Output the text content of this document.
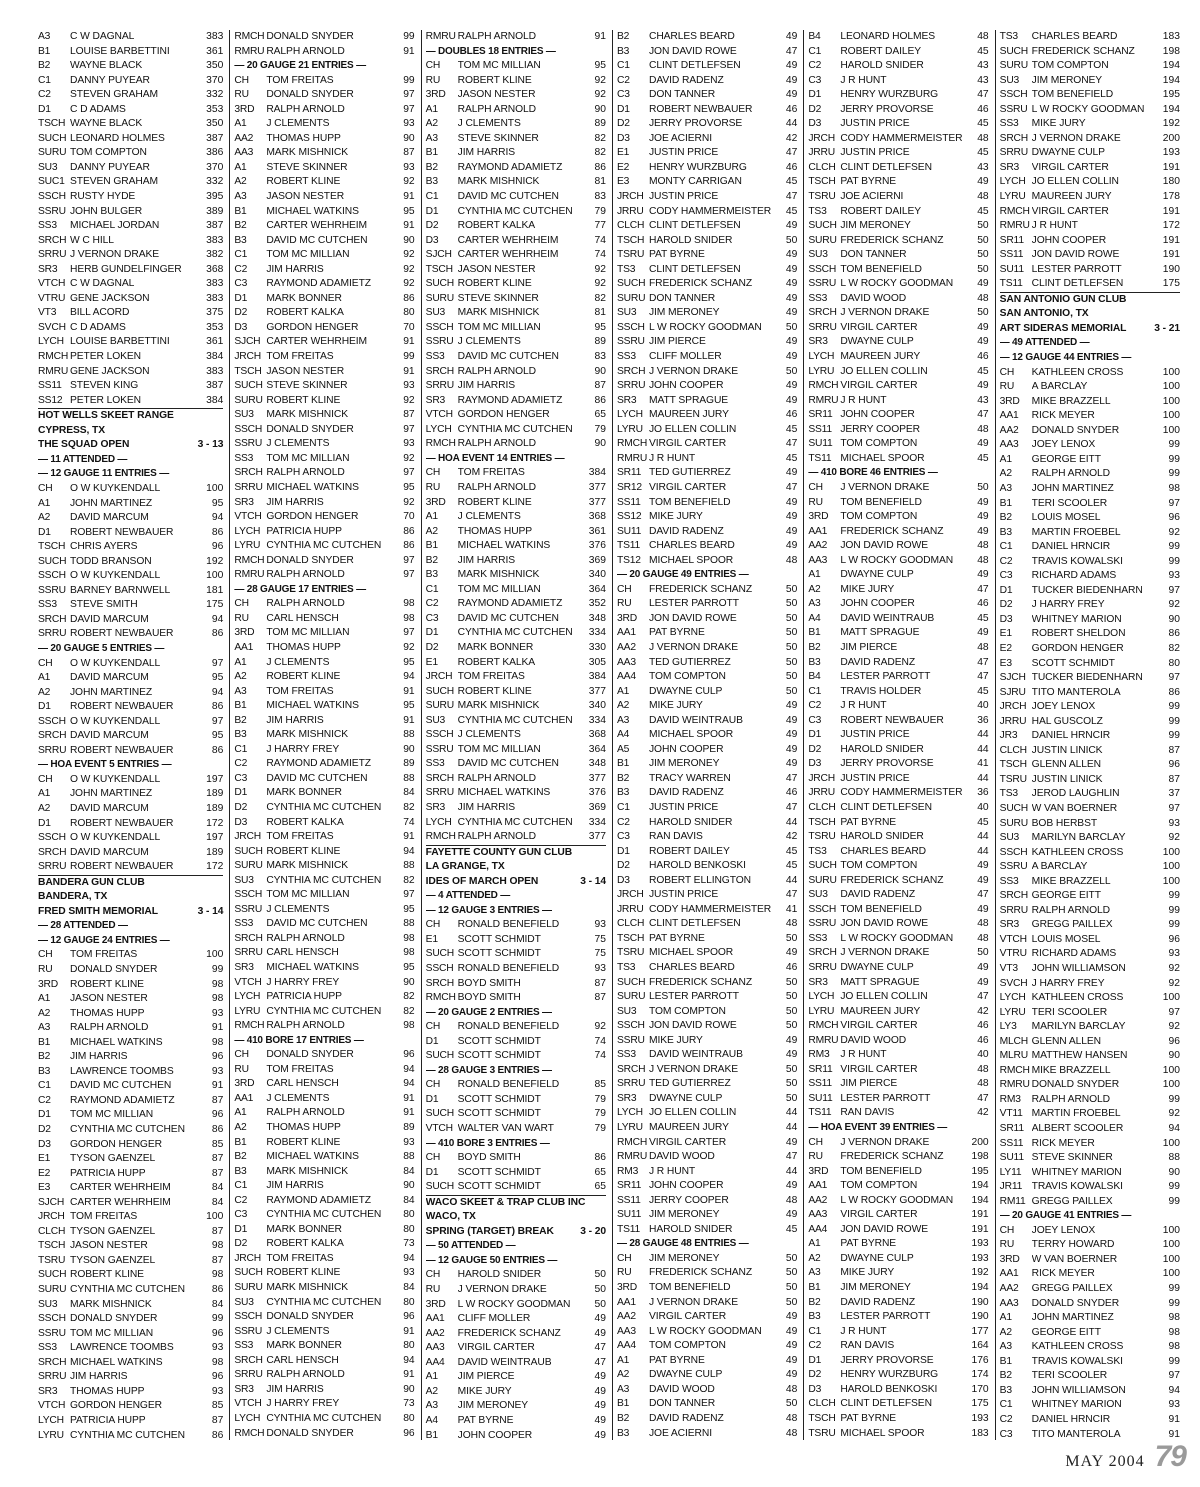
A3	C W DAGNAL	383
B1	LOUISE BARBETTINI	361
B2	WAYNE BLACK	350
C1	DANNY PUYEAR	370
C2	STEVEN GRAHAM	332
D1	C D ADAMS	353
TSCH WAYNE BLACK	350
SUCH LEONARD HOLMES	387
SURU TOM COMPTON	386
SU3	DANNY PUYEAR	370
SUC1 STEVEN GRAHAM	332
SSCH RUSTY HYDE	395
SSRU JOHN BULGER	389
SS3	MICHAEL JORDAN	387
SRCH W C HILL	383
SRRU J VERNON DRAKE	382
SR3	HERB GUNDELFINGER	368
VTCH C W DAGNAL	383
VTRU GENE JACKSON	383
VT3	BILL ACORD	375
SVCH C D ADAMS	353
LYCH LOUISE BARBETTINI	361
RMCH PETER LOKEN	384
RMRU GENE JACKSON	383
SS11 STEVEN KING	387
SS12 PETER LOKEN	384
HOT WELLS SKEET RANGE
CYPRESS, TX
THE SQUAD OPEN	3 - 13
— 11 ATTENDED —
— 12 GAUGE 11 ENTRIES —
CH	O W KUYKENDALL	100
A1	JOHN MARTINEZ	95
A2	DAVID MARCUM	94
D1	ROBERT NEWBAUER	86
TSCH CHRIS AYERS	96
SUCH TODD BRANSON	192
SSCH O W KUYKENDALL	100
SSRU BARNEY BARNWELL	181
SS3	STEVE SMITH	175
SRCH DAVID MARCUM	94
SRRU ROBERT NEWBAUER	86
— 20 GAUGE 5 ENTRIES —
CH	O W KUYKENDALL	97
A1	DAVID MARCUM	95
A2	JOHN MARTINEZ	94
D1	ROBERT NEWBAUER	86
SSCH O W KUYKENDALL	97
SRCH DAVID MARCUM	95
SRRU ROBERT NEWBAUER	86
— HOA EVENT 5 ENTRIES —
CH	O W KUYKENDALL	197
A1	JOHN MARTINEZ	189
A2	DAVID MARCUM	189
D1	ROBERT NEWBAUER	172
SSCH O W KUYKENDALL	197
SRCH DAVID MARCUM	189
SRRU ROBERT NEWBAUER	172
BANDERA GUN CLUB
BANDERA, TX
FRED SMITH MEMORIAL	3 - 14
— 28 ATTENDED —
— 12 GAUGE 24 ENTRIES —
CH	TOM FREITAS	100
RU	DONALD SNYDER	99
3RD	ROBERT KLINE	98
A1	JASON NESTER	98
A2	THOMAS HUPP	93
A3	RALPH ARNOLD	91
B1	MICHAEL WATKINS	98
B2	JIM HARRIS	96
B3	LAWRENCE TOOMBS	93
C1	DAVID MC CUTCHEN	91
C2	RAYMOND ADAMIETZ	87
D1	TOM MC MILLIAN	96
D2	CYNTHIA MC CUTCHEN	86
D3	GORDON HENGER	85
E1	TYSON GAENZEL	87
E2	PATRICIA HUPP	87
E3	CARTER WEHRHEIM	84
SJCH CARTER WEHRHEIM	84
JRCH TOM FREITAS	100
CLCH TYSON GAENZEL	87
TSCH JASON NESTER	98
TSRU TYSON GAENZEL	87
SUCH ROBERT KLINE	98
SURU CYNTHIA MC CUTCHEN	86
SU3	MARK MISHNICK	84
SSCH DONALD SNYDER	99
SSRU TOM MC MILLIAN	96
SS3	LAWRENCE TOOMBS	93
SRCH MICHAEL WATKINS	98
SRRU JIM HARRIS	96
SR3	THOMAS HUPP	93
VTCH GORDON HENGER	85
LYCH PATRICIA HUPP	87
LYRU CYNTHIA MC CUTCHEN	86
RMCH DONALD SNYDER	99
RMRU RALPH ARNOLD	91
— 20 GAUGE 21 ENTRIES —
CH	TOM FREITAS	99
RU	DONALD SNYDER	97
3RD	RALPH ARNOLD	97
A1	J CLEMENTS	93
AA2	THOMAS HUPP	90
AA3	MARK MISHNICK	87
A1	STEVE SKINNER	93
A2	ROBERT KLINE	92
A3	JASON NESTER	91
B1	MICHAEL WATKINS	95
B2	CARTER WEHRHEIM	91
B3	DAVID MC CUTCHEN	90
C1	TOM MC MILLIAN	92
C2	JIM HARRIS	92
C3	RAYMOND ADAMIETZ	92
D1	MARK BONNER	86
D2	ROBERT KALKA	80
D3	GORDON HENGER	70
SJCH CARTER WEHRHEIM	91
JRCH TOM FREITAS	99
TSCH JASON NESTER	91
SUCH STEVE SKINNER	93
SURU ROBERT KLINE	92
SU3	MARK MISHNICK	87
SSCH DONALD SNYDER	97
SSRU J CLEMENTS	93
SS3	TOM MC MILLIAN	92
SRCH RALPH ARNOLD	97
SRRU MICHAEL WATKINS	95
SR3	JIM HARRIS	92
VTCH GORDON HENGER	70
LYCH PATRICIA HUPP	86
LYRU CYNTHIA MC CUTCHEN	86
RMCH DONALD SNYDER	97
RMRU RALPH ARNOLD	97
— 28 GAUGE 17 ENTRIES —
CH	RALPH ARNOLD	98
RU	CARL HENSCH	98
3RD	TOM MC MILLIAN	97
AA1	THOMAS HUPP	92
A1	J CLEMENTS	95
A2	ROBERT KLINE	94
A3	TOM FREITAS	91
B1	MICHAEL WATKINS	95
B2	JIM HARRIS	91
B3	MARK MISHNICK	88
C1	J HARRY FREY	90
C2	RAYMOND ADAMIETZ	89
C3	DAVID MC CUTCHEN	88
D1	MARK BONNER	84
D2	CYNTHIA MC CUTCHEN	82
D3	ROBERT KALKA	74
JRCH TOM FREITAS	91
SUCH ROBERT KLINE	94
SURU MARK MISHNICK	88
SU3	CYNTHIA MC CUTCHEN	82
SSCH TOM MC MILLIAN	97
SSRU J CLEMENTS	95
SS3	DAVID MC CUTCHEN	88
SRCH RALPH ARNOLD	98
SRRU CARL HENSCH	98
SR3	MICHAEL WATKINS	95
VTCH J HARRY FREY	90
LYCH PATRICIA HUPP	82
LYRU CYNTHIA MC CUTCHEN	82
RMCH RALPH ARNOLD	98
— 410 BORE 17 ENTRIES —
CH	DONALD SNYDER	96
RU	TOM FREITAS	94
3RD	CARL HENSCH	94
AA1	J CLEMENTS	91
A1	RALPH ARNOLD	91
A2	THOMAS HUPP	89
B1	ROBERT KLINE	93
B2	MICHAEL WATKINS	88
B3	MARK MISHNICK	84
C1	JIM HARRIS	90
C2	RAYMOND ADAMIETZ	84
C3	CYNTHIA MC CUTCHEN	80
D1	MARK BONNER	80
D2	ROBERT KALKA	73
JRCH TOM FREITAS	94
SUCH ROBERT KLINE	93
SURU MARK MISHNICK	84
SU3	CYNTHIA MC CUTCHEN	80
SSCH DONALD SNYDER	96
SSRU J CLEMENTS	91
SS3	MARK BONNER	80
SRCH CARL HENSCH	94
SRRU RALPH ARNOLD	91
SR3	JIM HARRIS	90
VTCH J HARRY FREY	73
LYCH CYNTHIA MC CUTCHEN	80
RMCH DONALD SNYDER	96
RMRU RALPH ARNOLD	91
— DOUBLES 18 ENTRIES —
CH	TOM MC MILLIAN	95
RU	ROBERT KLINE	92
3RD	JASON NESTER	92
A1	RALPH ARNOLD	90
A2	J CLEMENTS	89
A3	STEVE SKINNER	82
B1	JIM HARRIS	82
B2	RAYMOND ADAMIETZ	86
B3	MARK MISHNICK	81
C1	DAVID MC CUTCHEN	83
D1	CYNTHIA MC CUTCHEN	79
D2	ROBERT KALKA	77
D3	CARTER WEHRHEIM	74
SJCH CARTER WEHRHEIM	74
TSCH JASON NESTER	92
SUCH ROBERT KLINE	92
SURU STEVE SKINNER	82
SU3	MARK MISHNICK	81
SSCH TOM MC MILLIAN	95
SSRU J CLEMENTS	89
SS3	DAVID MC CUTCHEN	83
SRCH RALPH ARNOLD	90
SRRU JIM HARRIS	87
SR3	RAYMOND ADAMIETZ	86
VTCH GORDON HENGER	65
LYCH CYNTHIA MC CUTCHEN	79
RMCH RALPH ARNOLD	90
— HOA EVENT 14 ENTRIES —
CH	TOM FREITAS	384
RU	RALPH ARNOLD	377
3RD	ROBERT KLINE	377
A1	J CLEMENTS	368
A2	THOMAS HUPP	361
B1	MICHAEL WATKINS	376
B2	JIM HARRIS	369
B3	MARK MISHNICK	340
C1	TOM MC MILLIAN	364
C2	RAYMOND ADAMIETZ	352
C3	DAVID MC CUTCHEN	348
D1	CYNTHIA MC CUTCHEN	334
D2	MARK BONNER	330
E1	ROBERT KALKA	305
JRCH TOM FREITAS	384
SUCH ROBERT KLINE	377
SURU MARK MISHNICK	340
SU3	CYNTHIA MC CUTCHEN	334
SSCH J CLEMENTS	368
SSRU TOM MC MILLIAN	364
SS3	DAVID MC CUTCHEN	348
SRCH RALPH ARNOLD	377
SRRU MICHAEL WATKINS	376
SR3	JIM HARRIS	369
LYCH CYNTHIA MC CUTCHEN	334
RMCH RALPH ARNOLD	377
FAYETTE COUNTY GUN CLUB
LA GRANGE, TX
IDES OF MARCH OPEN	3 - 14
— 4 ATTENDED —
— 12 GAUGE 3 ENTRIES —
CH	RONALD BENEFIELD	93
E1	SCOTT SCHMIDT	75
SUCH SCOTT SCHMIDT	75
SSCH RONALD BENEFIELD	93
SRCH BOYD SMITH	87
RMCH BOYD SMITH	87
— 20 GAUGE 2 ENTRIES —
CH	RONALD BENEFIELD	92
D1	SCOTT SCHMIDT	74
SUCH SCOTT SCHMIDT	74
— 28 GAUGE 3 ENTRIES —
CH	RONALD BENEFIELD	85
D1	SCOTT SCHMIDT	79
SUCH SCOTT SCHMIDT	79
VTCH WALTER VAN WART	79
— 410 BORE 3 ENTRIES —
CH	BOYD SMITH	86
D1	SCOTT SCHMIDT	65
SUCH SCOTT SCHMIDT	65
WACO SKEET & TRAP CLUB INC
WACO, TX
SPRING (TARGET) BREAK	3 - 20
— 50 ATTENDED —
— 12 GAUGE 50 ENTRIES —
CH	HAROLD SNIDER	50
RU	J VERNON DRAKE	50
3RD	L W ROCKY GOODMAN	50
AA1	CLIFF MOLLER	49
AA2	FREDERICK SCHANZ	49
AA3	VIRGIL CARTER	47
AA4	DAVID WEINTRAUB	47
A1	JIM PIERCE	49
A2	MIKE JURY	49
A3	JIM MERONEY	49
A4	PAT BYRNE	49
B1	JOHN COOPER	49
B2	CHARLES BEARD	49
B3	JON DAVID ROWE	47
C1	CLINT DETLEFSEN	49
C2	DAVID RADENZ	49
C3	DON TANNER	49
D1	ROBERT NEWBAUER	46
D2	JERRY PROVORSE	44
D3	JOE ACIERNI	42
E1	JUSTIN PRICE	47
E2	HENRY WURZBURG	46
E3	MONTY CARRIGAN	45
JRCH JUSTIN PRICE	47
JRRU CODY HAMMERMEISTER	45
CLCH CLINT DETLEFSEN	49
TSCH HAROLD SNIDER	50
TSRU PAT BYRNE	49
TS3	CLINT DETLEFSEN	49
SUCH FREDERICK SCHANZ	49
SURU DON TANNER	49
SU3	JIM MERONEY	49
SSCH L W ROCKY GOODMAN	50
SSRU JIM PIERCE	49
SS3	CLIFF MOLLER	49
SRCH J VERNON DRAKE	50
SRRU JOHN COOPER	49
SR3	MATT SPRAGUE	49
LYCH MAUREEN JURY	46
LYRU JO ELLEN COLLIN	45
RMCH VIRGIL CARTER	47
RMRU J R HUNT	45
SR11 TED GUTIERREZ	49
SR12 VIRGIL CARTER	47
SS11 TOM BENEFIELD	49
SS12 MIKE JURY	49
SU11 DAVID RADENZ	49
TS11 CHARLES BEARD	49
TS12 MICHAEL SPOOR	48
— 20 GAUGE 49 ENTRIES —
CH	FREDERICK SCHANZ	50
RU	LESTER PARROTT	50
3RD	JON DAVID ROWE	50
AA1	PAT BYRNE	50
AA2	J VERNON DRAKE	50
AA3	TED GUTIERREZ	50
AA4	TOM COMPTON	50
A1	DWAYNE CULP	50
A2	MIKE JURY	49
A3	DAVID WEINTRAUB	49
A4	MICHAEL SPOOR	49
A5	JOHN COOPER	49
B1	JIM MERONEY	49
B2	TRACY WARREN	47
B3	DAVID RADENZ	46
C1	JUSTIN PRICE	47
C2	HAROLD SNIDER	44
C3	RAN DAVIS	42
D1	ROBERT DAILEY	45
D2	HAROLD BENKOSKI	45
D3	ROBERT ELLINGTON	44
JRCH JUSTIN PRICE	47
JRRU CODY HAMMERMEISTER	41
CLCH CLINT DETLEFSEN	48
TSCH PAT BYRNE	50
TSRU MICHAEL SPOOR	49
TS3	CHARLES BEARD	46
SUCH FREDERICK SCHANZ	50
SURU LESTER PARROTT	50
SU3	TOM COMPTON	50
SSCH JON DAVID ROWE	50
SSRU MIKE JURY	49
SS3	DAVID WEINTRAUB	49
SRCH J VERNON DRAKE	50
SRRU TED GUTIERREZ	50
SR3	DWAYNE CULP	50
LYCH JO ELLEN COLLIN	44
LYRU MAUREEN JURY	44
RMCH VIRGIL CARTER	49
RMRU DAVID WOOD	47
RM3	J R HUNT	44
SR11 JOHN COOPER	49
SS11 JERRY COOPER	48
SU11 JIM MERONEY	49
TS11 HAROLD SNIDER	45
— 28 GAUGE 48 ENTRIES —
CH	JIM MERONEY	50
RU	FREDERICK SCHANZ	50
3RD	TOM BENEFIELD	50
AA1	J VERNON DRAKE	50
AA2	VIRGIL CARTER	49
AA3	L W ROCKY GOODMAN	49
AA4	TOM COMPTON	49
A1	PAT BYRNE	49
A2	DWAYNE CULP	49
A3	DAVID WOOD	48
B1	DON TANNER	50
B2	DAVID RADENZ	48
B3	JOE ACIERNI	48
B4	LEONARD HOLMES	48
C1	ROBERT DAILEY	45
C2	HAROLD SNIDER	43
C3	J R HUNT	43
D1	HENRY WURZBURG	47
D2	JERRY PROVORSE	46
D3	JUSTIN PRICE	45
JRCH CODY HAMMERMEISTER	48
JRRU JUSTIN PRICE	45
CLCH CLINT DETLEFSEN	43
TSCH PAT BYRNE	49
TSRU JOE ACIERNI	48
TS3	ROBERT DAILEY	45
SUCH JIM MERONEY	50
SURU FREDERICK SCHANZ	50
SU3	DON TANNER	50
SSCH TOM BENEFIELD	50
SSRU L W ROCKY GOODMAN	49
SS3	DAVID WOOD	48
SRCH J VERNON DRAKE	50
SRRU VIRGIL CARTER	49
SR3	DWAYNE CULP	49
LYCH MAUREEN JURY	46
LYRU JO ELLEN COLLIN	45
RMCH VIRGIL CARTER	49
RMRU J R HUNT	43
SR11 JOHN COOPER	47
SS11 JERRY COOPER	48
SU11 TOM COMPTON	49
TS11 MICHAEL SPOOR	45
— 410 BORE 46 ENTRIES —
CH	J VERNON DRAKE	50
RU	TOM BENEFIELD	49
3RD	TOM COMPTON	49
AA1	FREDERICK SCHANZ	49
AA2	JON DAVID ROWE	48
AA3	L W ROCKY GOODMAN	48
A1	DWAYNE CULP	49
A2	MIKE JURY	47
A3	JOHN COOPER	46
A4	DAVID WEINTRAUB	45
B1	MATT SPRAGUE	49
B2	JIM PIERCE	48
B3	DAVID RADENZ	47
B4	LESTER PARROTT	47
C1	TRAVIS HOLDER	45
C2	J R HUNT	40
C3	ROBERT NEWBAUER	36
D1	JUSTIN PRICE	44
D2	HAROLD SNIDER	44
D3	JERRY PROVORSE	41
JRCH JUSTIN PRICE	44
JRRU CODY HAMMERMEISTER	36
CLCH CLINT DETLEFSEN	40
TSCH PAT BYRNE	45
TSRU HAROLD SNIDER	44
TS3	CHARLES BEARD	44
SUCH TOM COMPTON	49
SURU FREDERICK SCHANZ	49
SU3	DAVID RADENZ	47
SSCH TOM BENEFIELD	49
SSRU JON DAVID ROWE	48
SS3	L W ROCKY GOODMAN	48
SRCH J VERNON DRAKE	50
SRRU DWAYNE CULP	49
SR3	MATT SPRAGUE	49
LYCH JO ELLEN COLLIN	47
LYRU MAUREEN JURY	42
RMCH VIRGIL CARTER	46
RMRU DAVID WOOD	46
RM3	J R HUNT	40
SR11 VIRGIL CARTER	48
SS11 JIM PIERCE	48
SU11 LESTER PARROTT	47
TS11 RAN DAVIS	42
— HOA EVENT 39 ENTRIES —
CH	J VERNON DRAKE	200
RU	FREDERICK SCHANZ	198
3RD	TOM BENEFIELD	195
AA1	TOM COMPTON	194
AA2	L W ROCKY GOODMAN	194
AA3	VIRGIL CARTER	191
AA4	JON DAVID ROWE	191
A1	PAT BYRNE	193
A2	DWAYNE CULP	193
A3	MIKE JURY	192
B1	JIM MERONEY	194
B2	DAVID RADENZ	190
B3	LESTER PARROTT	190
C1	J R HUNT	177
C2	RAN DAVIS	164
D1	JERRY PROVORSE	176
D2	HENRY WURZBURG	174
D3	HAROLD BENKOSKI	170
CLCH CLINT DETLEFSEN	175
TSCH PAT BYRNE	193
TSRU MICHAEL SPOOR	183
TS3	CHARLES BEARD	183
SUCH FREDERICK SCHANZ	198
SURU TOM COMPTON	194
SU3	JIM MERONEY	194
SSCH TOM BENEFIELD	195
SSRU L W ROCKY GOODMAN	194
SS3	MIKE JURY	192
SRCH J VERNON DRAKE	200
SRRU DWAYNE CULP	193
SR3	VIRGIL CARTER	191
LYCH JO ELLEN COLLIN	180
LYRU MAUREEN JURY	178
RMCH VIRGIL CARTER	191
RMRU J R HUNT	172
SR11 JOHN COOPER	191
SS11 JON DAVID ROWE	191
SU11 LESTER PARROTT	190
TS11 CLINT DETLEFSEN	175
SAN ANTONIO GUN CLUB
SAN ANTONIO, TX
ART SIDERAS MEMORIAL	3 - 21
— 49 ATTENDED —
— 12 GAUGE 44 ENTRIES —
CH	KATHLEEN CROSS	100
RU	A BARCLAY	100
3RD	MIKE BRAZZELL	100
AA1	RICK MEYER	100
AA2	DONALD SNYDER	100
AA3	JOEY LENOX	99
A1	GEORGE EITT	99
A2	RALPH ARNOLD	99
A3	JOHN MARTINEZ	98
B1	TERI SCOOLER	97
B2	LOUIS MOSEL	96
B3	MARTIN FROEBEL	92
C1	DANIEL HRNCIR	99
C2	TRAVIS KOWALSKI	99
C3	RICHARD ADAMS	93
D1	TUCKER BIEDENHARN	97
D2	J HARRY FREY	92
D3	WHITNEY MARION	90
E1	ROBERT SHELDON	86
E2	GORDON HENGER	82
E3	SCOTT SCHMIDT	80
SJCH TUCKER BIEDENHARN	97
SJRU TITO MANTEROLA	86
JRCH JOEY LENOX	99
JRRU HAL GUSCOLZ	99
JR3	DANIEL HRNCIR	99
CLCH JUSTIN LINICK	87
TSCH GLENN ALLEN	96
TSRU JUSTIN LINICK	87
TS3	JEROD LAUGHLIN	37
SUCH W VAN BOERNER	97
SURU BOB HERBST	93
SU3	MARILYN BARCLAY	92
SSCH KATHLEEN CROSS	100
SSRU A BARCLAY	100
SS3	MIKE BRAZZELL	100
SRCH GEORGE EITT	99
SRRU RALPH ARNOLD	99
SR3	GREGG PAILLEX	99
VTCH LOUIS MOSEL	96
VTRU RICHARD ADAMS	93
VT3	JOHN WILLIAMSON	92
SVCH J HARRY FREY	92
LYCH KATHLEEN CROSS	100
LYRU TERI SCOOLER	97
LY3	MARILYN BARCLAY	92
MLCH GLENN ALLEN	96
MLRU MATTHEW HANSEN	90
RMCH MIKE BRAZZELL	100
RMRU DONALD SNYDER	100
RM3	RALPH ARNOLD	99
VT11 MARTIN FROEBEL	92
SR11 ALBERT SCOOLER	94
SS11 RICK MEYER	100
SU11 STEVE SKINNER	88
LY11 WHITNEY MARION	90
JR11 TRAVIS KOWALSKI	99
RM11 GREGG PAILLEX	99
— 20 GAUGE 41 ENTRIES —
CH	JOEY LENOX	100
RU	TERRY HOWARD	100
3RD	W VAN BOERNER	100
AA1	RICK MEYER	100
AA2	GREGG PAILLEX	99
AA3	DONALD SNYDER	99
A1	JOHN MARTINEZ	98
A2	GEORGE EITT	98
A3	KATHLEEN CROSS	98
B1	TRAVIS KOWALSKI	99
B2	TERI SCOOLER	97
B3	JOHN WILLIAMSON	94
C1	WHITNEY MARION	93
C2	DANIEL HRNCIR	91
C3	TITO MANTEROLA	91
MAY 2004 79
